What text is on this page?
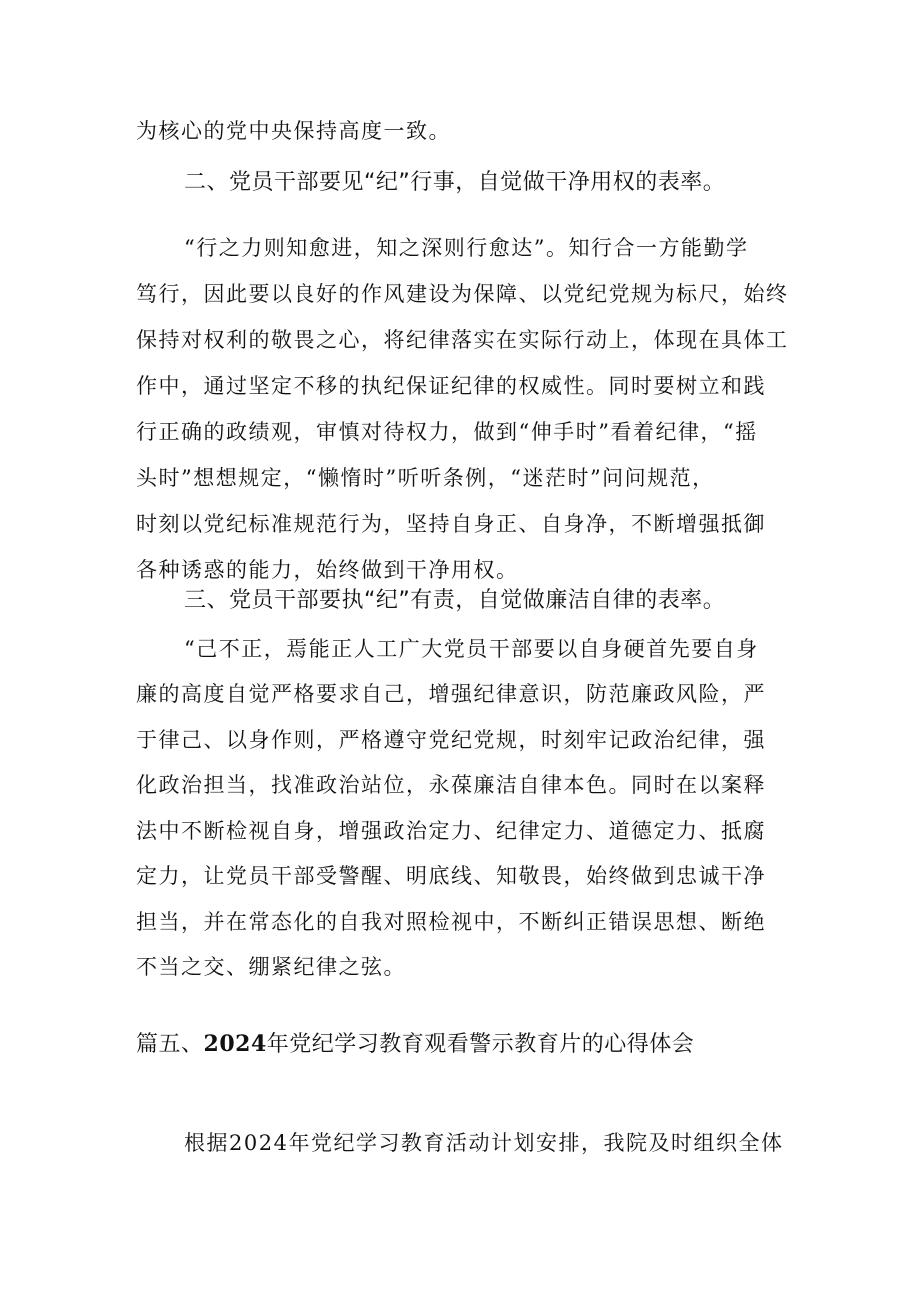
为核心的党中央保持高度一致。
二、党员干部要见“纪”行事，自觉做干净用权的表率。
“行之力则知愈进，知之深则行愈达”。知行合一方能勤学
笃行，因此要以良好的作风建设为保障、以党纪党规为标尺，始终
保持对权利的敬畏之心，将纪律落实在实际行动上，体现在具体工
作中，通过坚定不移的执纪保证纪律的权威性。同时要树立和践
行正确的政绩观，审慎对待权力，做到“伸手时”看着纪律，“摇
头时”想想规定，“懒惰时”听听条例，“迷茫时”问问规范，
时刻以党纪标准规范行为，坚持自身正、自身净，不断增强抵御
各种诱惑的能力，始终做到干净用权。
三、党员干部要执“纪”有责，自觉做廉洁自律的表率。
“己不正，焉能正人工广大党员干部要以自身硬首先要自身
廉的高度自觉严格要求自己，增强纪律意识，防范廉政风险，严
于律己、以身作则，严格遵守党纪党规，时刻牢记政治纪律，强
化政治担当，找准政治站位，永葆廉洁自律本色。同时在以案释
法中不断检视自身，增强政治定力、纪律定力、道德定力、抵腐
定力，让党员干部受警醒、明底线、知敬畏，始终做到忠诚干净
担当，并在常态化的自我对照检视中，不断纠正错误思想、断绝
不当之交、绷紧纪律之弦。
篇五、2024年党纪学习教育观看警示教育片的心得体会
根据2024年党纪学习教育活动计划安排，我院及时组织全体
